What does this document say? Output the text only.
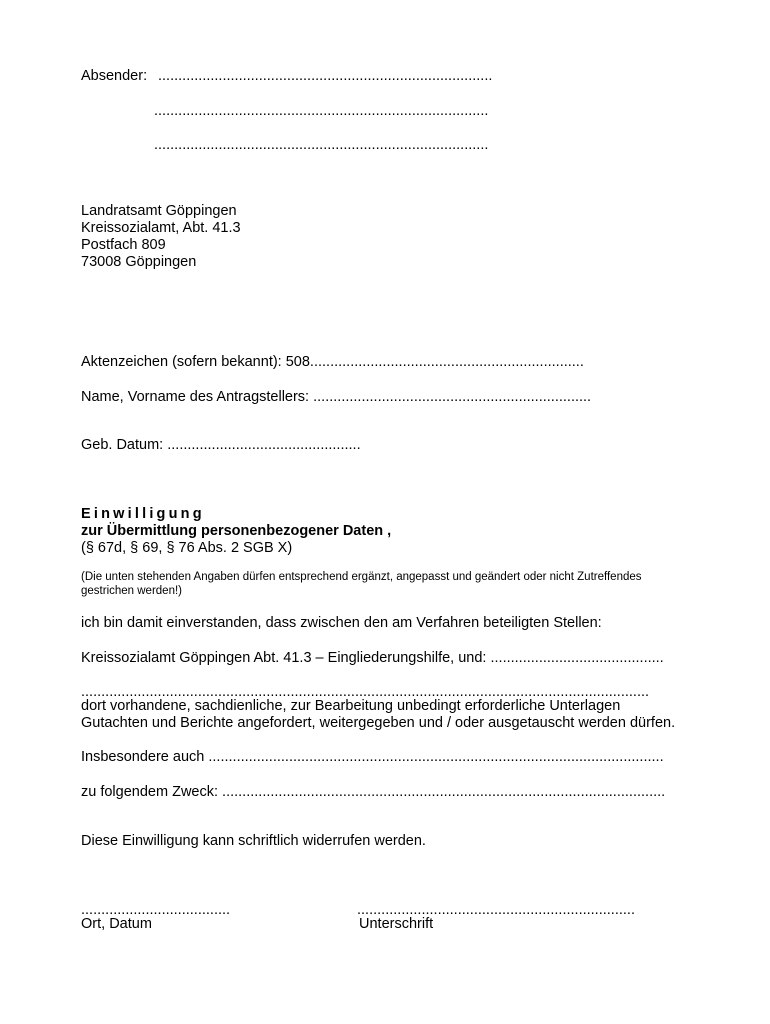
Absender: ...................................................................................
...................................................................................
...................................................................................
Landratsamt Göppingen
Kreissozialamt, Abt. 41.3
Postfach 809
73008 Göppingen
Aktenzeichen (sofern bekannt): 508....................................................................
Name, Vorname des Antragstellers: .....................................................................
Geb. Datum: ................................................
Einwilligung
zur Übermittlung personenbezogener Daten ,
(§ 67d, § 69, § 76 Abs. 2 SGB X)
(Die unten stehenden Angaben dürfen entsprechend ergänzt, angepasst und geändert oder nicht Zutreffendes
gestrichen werden!)
ich bin damit einverstanden, dass zwischen den am Verfahren beteiligten Stellen:
Kreissozialamt Göppingen Abt. 41.3 – Eingliederungshilfe, und: ...........................................
.............................................................................................................................................
dort vorhandene, sachdienliche, zur Bearbeitung unbedingt erforderliche Unterlagen
Gutachten und Berichte angefordert, weitergegeben und / oder ausgetauscht werden dürfen.
Insbesondere auch .................................................................................................................
zu folgendem Zweck: ..............................................................................................................
Diese Einwilligung kann schriftlich widerrufen werden.
.....................................
Ort, Datum
.....................................................................
Unterschrift
